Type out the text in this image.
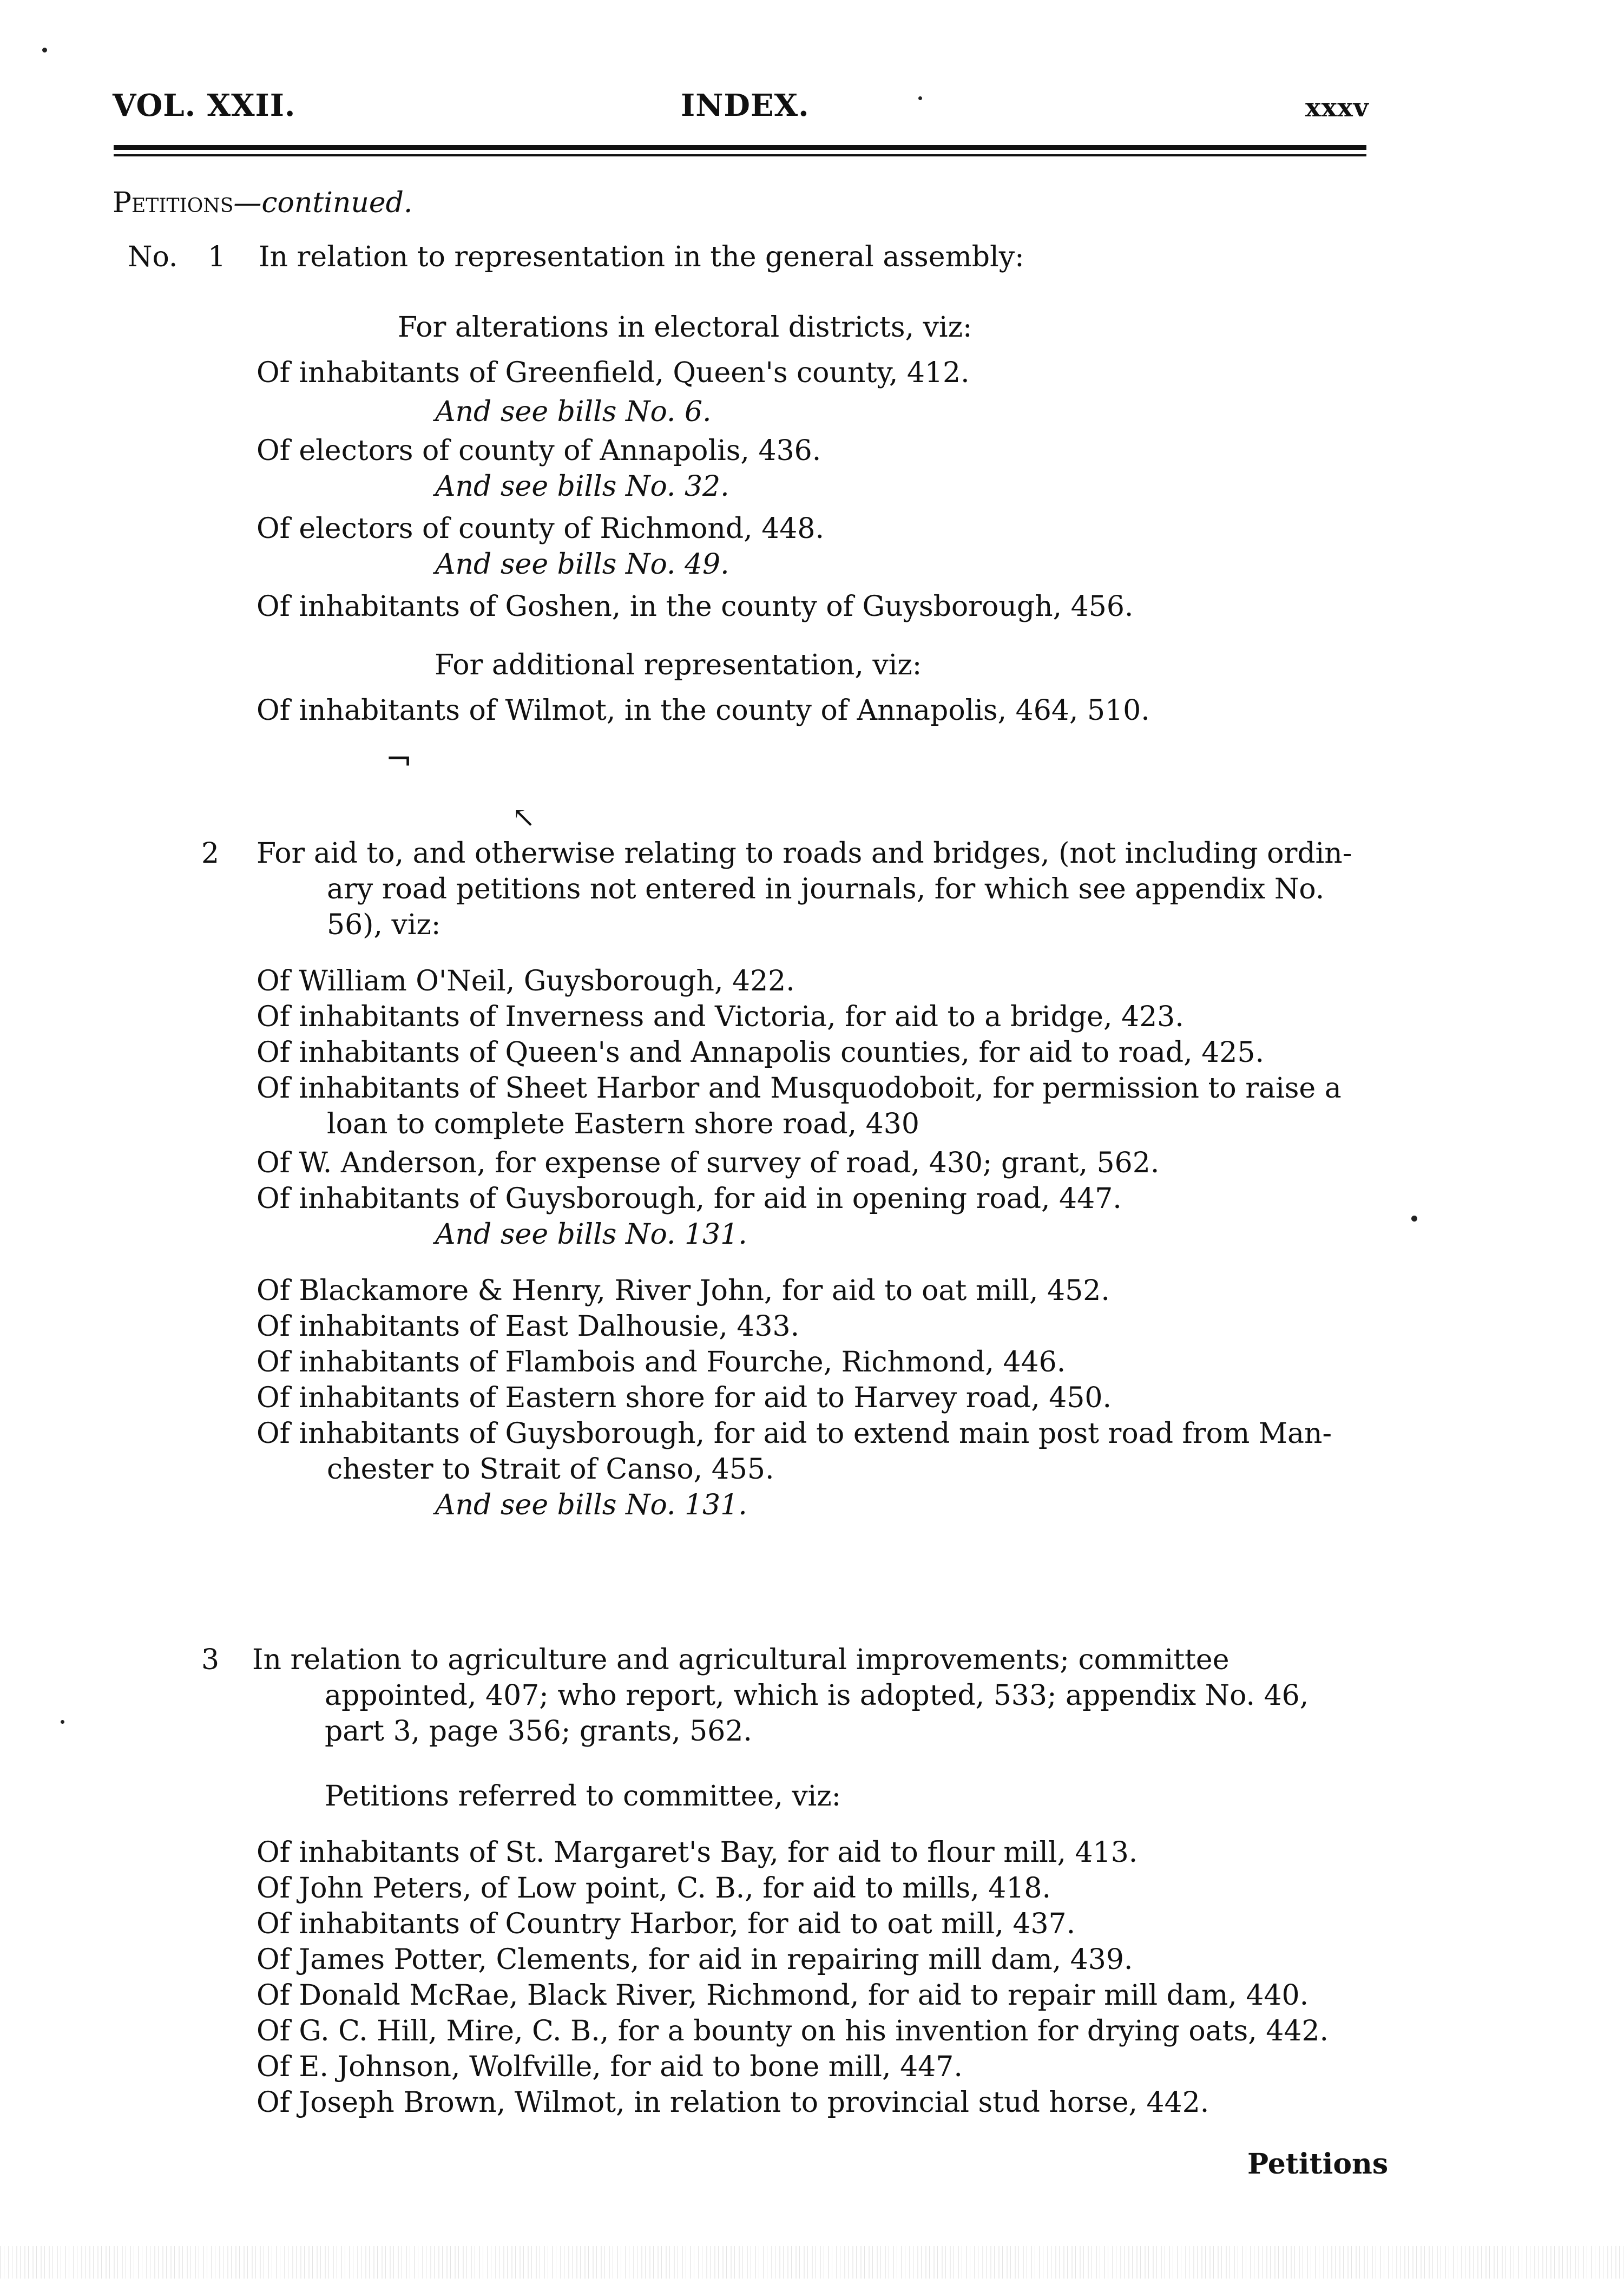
VOL. XXII.	INDEX.	xxxv
Petitions—continued.
No. 1 In relation to representation in the general assembly:
For alterations in electoral districts, viz:
Of inhabitants of Greenfield, Queen's county, 412.
And see bills No. 6.
Of electors of county of Annapolis, 436.
And see bills No. 32.
Of electors of county of Richmond, 448.
And see bills No. 49.
Of inhabitants of Goshen, in the county of Guysborough, 456.
For additional representation, viz:
Of inhabitants of Wilmot, in the county of Annapolis, 464, 510.
¬
↖
2 For aid to, and otherwise relating to roads and bridges, (not including ordin-
ary road petitions not entered in journals, for which see appendix No.
56), viz:
Of William O'Neil, Guysborough, 422.
Of inhabitants of Inverness and Victoria, for aid to a bridge, 423.
Of inhabitants of Queen's and Annapolis counties, for aid to road, 425.
Of inhabitants of Sheet Harbor and Musquodoboit, for permission to raise a
loan to complete Eastern shore road, 430
Of W. Anderson, for expense of survey of road, 430; grant, 562.
Of inhabitants of Guysborough, for aid in opening road, 447.
And see bills No. 131.
Of Blackamore & Henry, River John, for aid to oat mill, 452.
Of inhabitants of East Dalhousie, 433.
Of inhabitants of Flambois and Fourche, Richmond, 446.
Of inhabitants of Eastern shore for aid to Harvey road, 450.
Of inhabitants of Guysborough, for aid to extend main post road from Man-
chester to Strait of Canso, 455.
And see bills No. 131.
3 In relation to agriculture and agricultural improvements; committee
appointed, 407; who report, which is adopted, 533; appendix No. 46,
part 3, page 356; grants, 562.
Petitions referred to committee, viz:
Of inhabitants of St. Margaret's Bay, for aid to flour mill, 413.
Of John Peters, of Low point, C. B., for aid to mills, 418.
Of inhabitants of Country Harbor, for aid to oat mill, 437.
Of James Potter, Clements, for aid in repairing mill dam, 439.
Of Donald McRae, Black River, Richmond, for aid to repair mill dam, 440.
Of G. C. Hill, Mire, C. B., for a bounty on his invention for drying oats, 442.
Of E. Johnson, Wolfville, for aid to bone mill, 447.
Of Joseph Brown, Wilmot, in relation to provincial stud horse, 442.
Petitions
